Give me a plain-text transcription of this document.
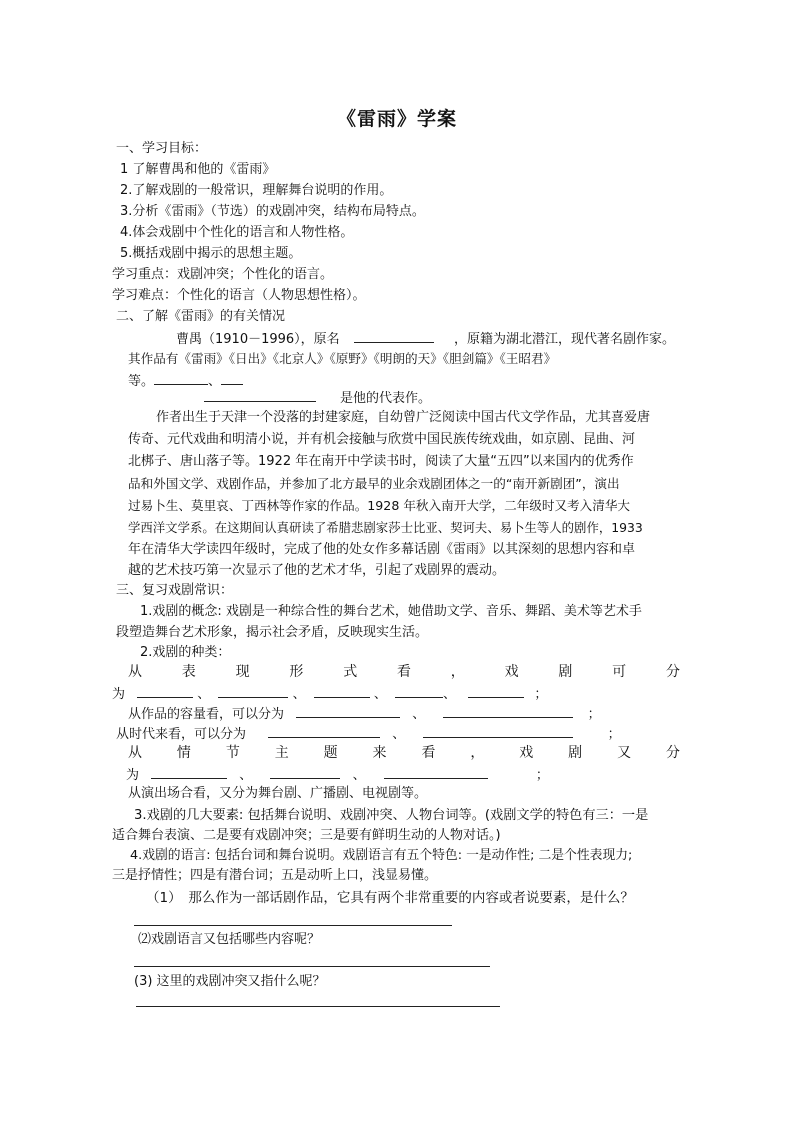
《雷雨》学案
一、学习目标：
1 了解曹禺和他的《雷雨》
2.了解戏剧的一般常识，理解舞台说明的作用。
3.分析《雷雨》（节选）的戏剧冲突，结构布局特点。
4.体会戏剧中个性化的语言和人物性格。
5.概括戏剧中揭示的思想主题。
学习重点：戏剧冲突；个性化的语言。
学习难点：个性化的语言（人物思想性格）。
二、了解《雷雨》的有关情况
曹禺（1910－1996），原名	，原籍为湖北潜江，现代著名剧作家。
其作品有《雷雨》《日出》《北京人》《原野》《明朗的天》《胆剑篇》《王昭君》
等。	、
是他的代表作。
作者出生于天津一个没落的封建家庭，自幼曾广泛阅读中国古代文学作品，尤其喜爱唐
传奇、元代戏曲和明清小说，并有机会接触与欣赏中国民族传统戏曲，如京剧、昆曲、河
北梆子、唐山落子等。1922 年在南开中学读书时，阅读了大量“五四”以来国内的优秀作
品和外国文学、戏剧作品，并参加了北方最早的业余戏剧团体之一的“南开新剧团”，演出
过易卜生、莫里哀、丁西林等作家的作品。1928 年秋入南开大学，二年级时又考入清华大
学西洋文学系。在这期间认真研读了希腊悲剧家莎士比亚、契诃夫、易卜生等人的剧作，1933
年在清华大学读四年级时，完成了他的处女作多幕话剧《雷雨》以其深刻的思想内容和卓
越的艺术技巧第一次显示了他的艺术才华，引起了戏剧界的震动。
三、复习戏剧常识：
1.戏剧的概念: 戏剧是一种综合性的舞台艺术，她借助文学、音乐、舞蹈、美术等艺术手
段塑造舞台艺术形象，揭示社会矛盾，反映现实生活。
2.戏剧的种类：
从	表	现	形	式	看	，	戏	剧	可	分
为	、	、	、	、	；
从作品的容量看，可以分为	、	；
从时代来看，可以分为	、	；
从 情 节 主 题 来 看 ， 戏 剧 又 分
为	、	、	；
从演出场合看，又分为舞台剧、广播剧、电视剧等。
3.戏剧的几大要素: 包括舞台说明、戏剧冲突、人物台词等。(戏剧文学的特色有三：一是
适合舞台表演、二是要有戏剧冲突；三是要有鲜明生动的人物对话。)
4.戏剧的语言: 包括台词和舞台说明。戏剧语言有五个特色: 一是动作性; 二是个性表现力;
三是抒情性；四是有潜台词；五是动听上口，浅显易懂。
（1）　那么作为一部话剧作品，它具有两个非常重要的内容或者说要素，是什么？
⑵戏剧语言又包括哪些内容呢？
(3) 这里的戏剧冲突又指什么呢？
